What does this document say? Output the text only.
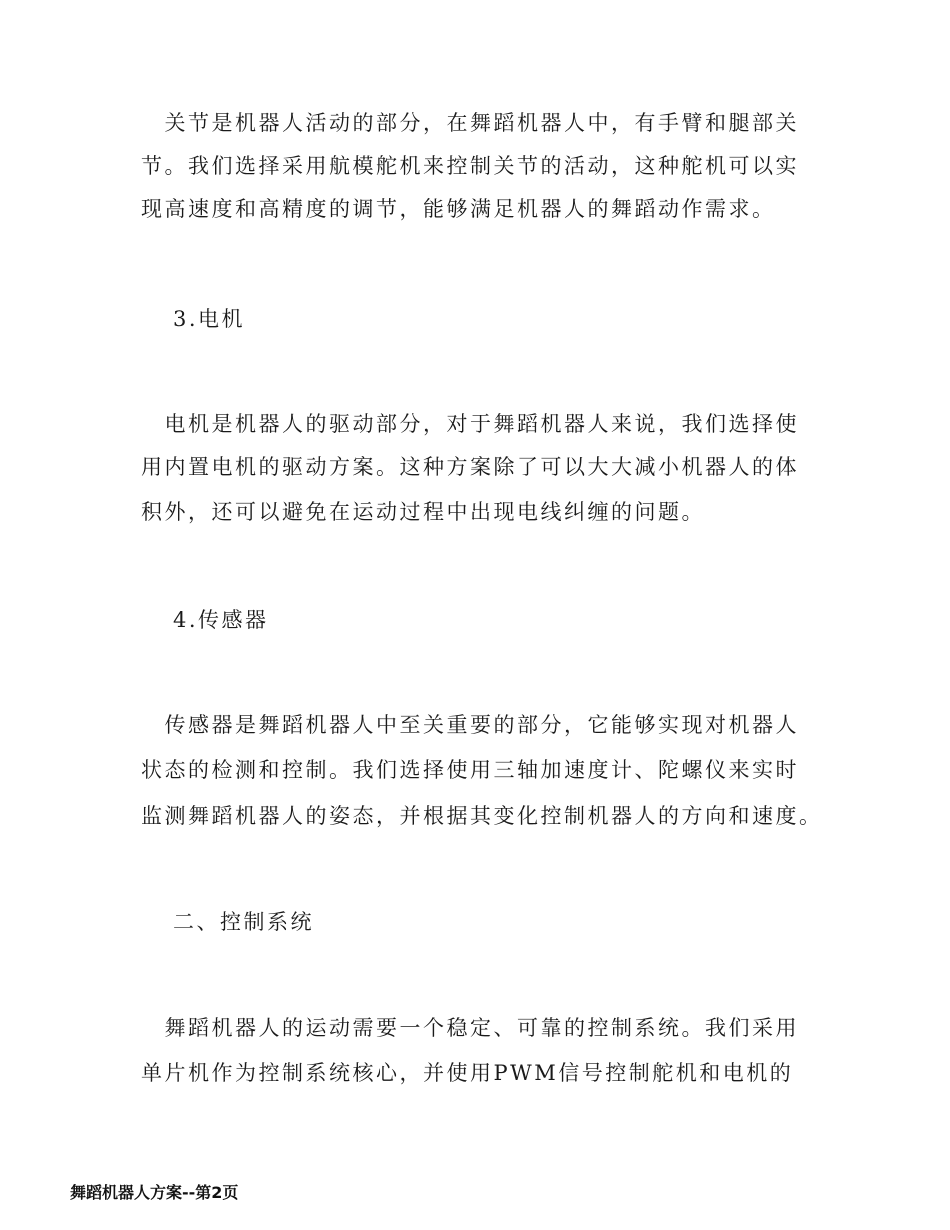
　关节是机器人活动的部分，在舞蹈机器人中，有手臂和腿部关
节。我们选择采用航模舵机来控制关节的活动，这种舵机可以实
现高速度和高精度的调节，能够满足机器人的舞蹈动作需求。
3.电机
　电机是机器人的驱动部分，对于舞蹈机器人来说，我们选择使
用内置电机的驱动方案。这种方案除了可以大大减小机器人的体
积外，还可以避免在运动过程中出现电线纠缠的问题。
4.传感器
　传感器是舞蹈机器人中至关重要的部分，它能够实现对机器人
状态的检测和控制。我们选择使用三轴加速度计、陀螺仪来实时
监测舞蹈机器人的姿态，并根据其变化控制机器人的方向和速度。
二、控制系统
　舞蹈机器人的运动需要一个稳定、可靠的控制系统。我们采用
单片机作为控制系统核心，并使用PWM信号控制舵机和电机的
舞蹈机器人方案--第2页
